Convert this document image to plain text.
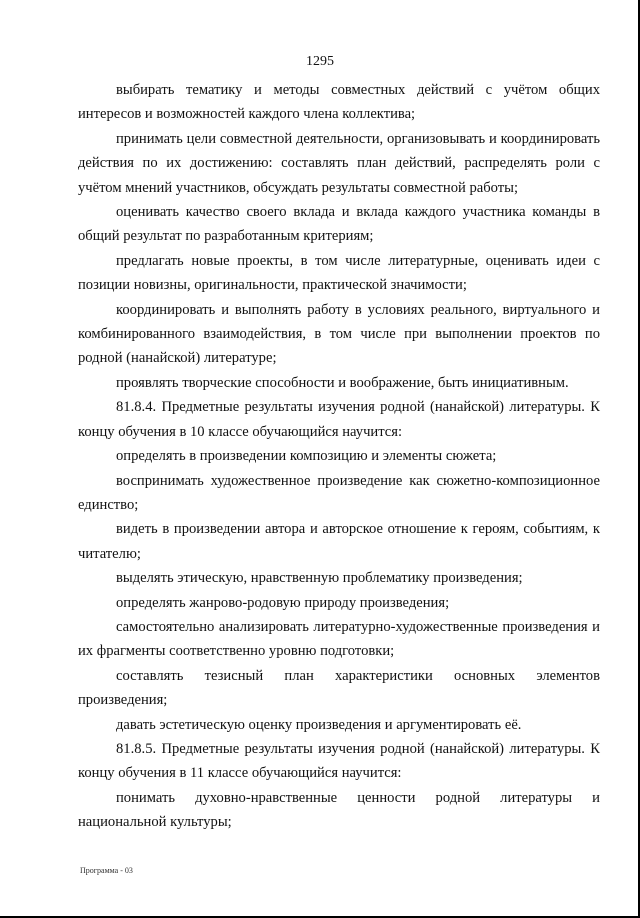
1295

выбирать тематику и методы совместных действий с учётом общих интересов и возможностей каждого члена коллектива;

принимать цели совместной деятельности, организовывать и координировать действия по их достижению: составлять план действий, распределять роли с учётом мнений участников, обсуждать результаты совместной работы;

оценивать качество своего вклада и вклада каждого участника команды в общий результат по разработанным критериям;

предлагать новые проекты, в том числе литературные, оценивать идеи с позиции новизны, оригинальности, практической значимости;

координировать и выполнять работу в условиях реального, виртуального и комбинированного взаимодействия, в том числе при выполнении проектов по родной (нанайской) литературе;

проявлять творческие способности и воображение, быть инициативным.

81.8.4. Предметные результаты изучения родной (нанайской) литературы. К концу обучения в 10 классе обучающийся научится:

определять в произведении композицию и элементы сюжета;

воспринимать художественное произведение как сюжетно-композиционное единство;

видеть в произведении автора и авторское отношение к героям, событиям, к читателю;

выделять этическую, нравственную проблематику произведения;

определять жанрово-родовую природу произведения;

самостоятельно анализировать литературно-художественные произведения и их фрагменты соответственно уровню подготовки;

составлять тезисный план характеристики основных элементов произведения;

давать эстетическую оценку произведения и аргументировать её.

81.8.5. Предметные результаты изучения родной (нанайской) литературы. К концу обучения в 11 классе обучающийся научится:

понимать духовно-нравственные ценности родной литературы и национальной культуры;

Программа - 03
